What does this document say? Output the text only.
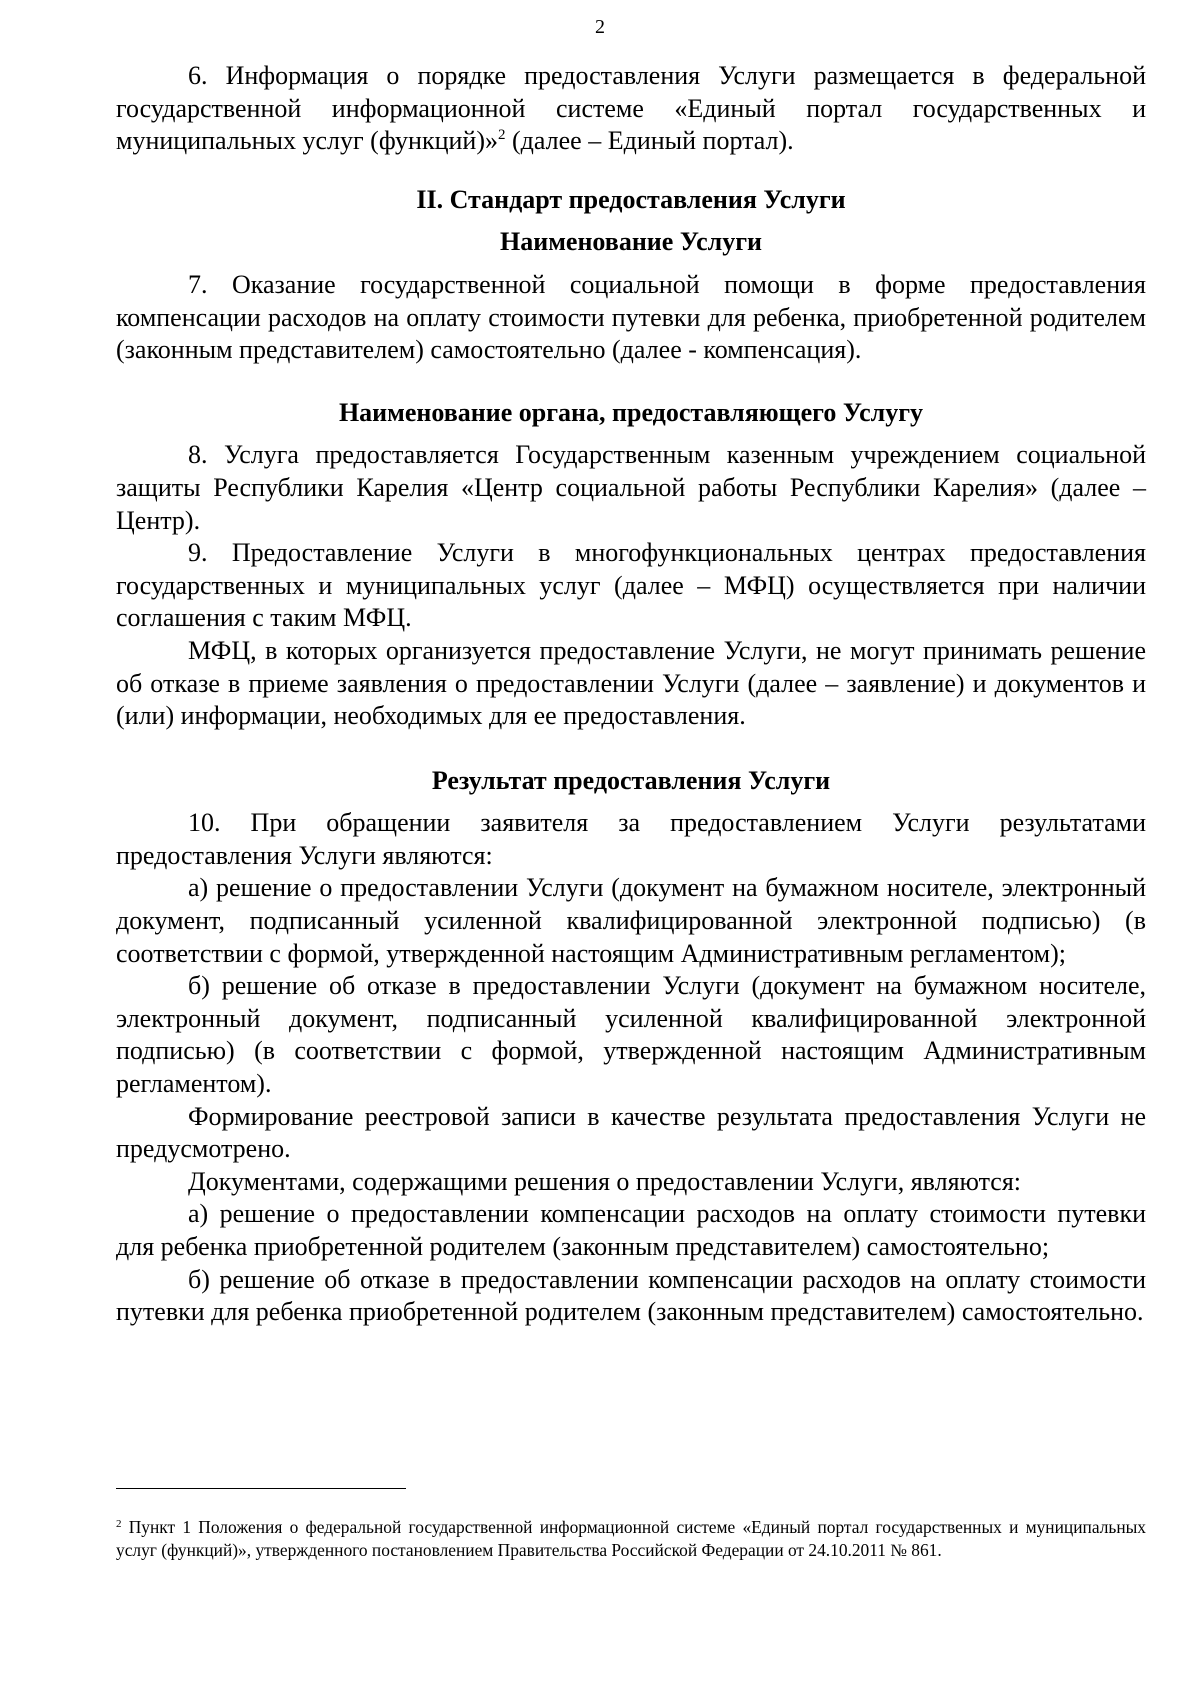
2

6. Информация о порядке предоставления Услуги размещается в федеральной государственной информационной системе «Единый портал государственных и муниципальных услуг (функций)»$^2$ (далее – Единый портал).

II. Стандарт предоставления Услуги

Наименование Услуги

7. Оказание государственной социальной помощи в форме предоставления компенсации расходов на оплату стоимости путевки для ребенка, приобретенной родителем (законным представителем) самостоятельно (далее - компенсация).

Наименование органа, предоставляющего Услугу

8. Услуга предоставляется Государственным казенным учреждением социальной защиты Республики Карелия «Центр социальной работы Республики Карелия» (далее – Центр).

9. Предоставление Услуги в многофункциональных центрах предоставления государственных и муниципальных услуг (далее – МФЦ) осуществляется при наличии соглашения с таким МФЦ.

МФЦ, в которых организуется предоставление Услуги, не могут принимать решение об отказе в приеме заявления о предоставлении Услуги (далее – заявление) и документов и (или) информации, необходимых для ее предоставления.

Результат предоставления Услуги

10. При обращении заявителя за предоставлением Услуги результатами предоставления Услуги являются:

а) решение о предоставлении Услуги (документ на бумажном носителе, электронный документ, подписанный усиленной квалифицированной электронной подписью) (в соответствии с формой, утвержденной настоящим Административным регламентом);

б) решение об отказе в предоставлении Услуги (документ на бумажном носителе, электронный документ, подписанный усиленной квалифицированной электронной подписью) (в соответствии с формой, утвержденной настоящим Административным регламентом).

Формирование реестровой записи в качестве результата предоставления Услуги не предусмотрено.

Документами, содержащими решения о предоставлении Услуги, являются:

а) решение о предоставлении компенсации расходов на оплату стоимости путевки для ребенка приобретенной родителем (законным представителем) самостоятельно;

б) решение об отказе в предоставлении компенсации расходов на оплату стоимости путевки для ребенка приобретенной родителем (законным представителем) самостоятельно.

$^2$ Пункт 1 Положения о федеральной государственной информационной системе «Единый портал государственных и муниципальных услуг (функций)», утвержденного постановлением Правительства Российской Федерации от 24.10.2011 № 861.
